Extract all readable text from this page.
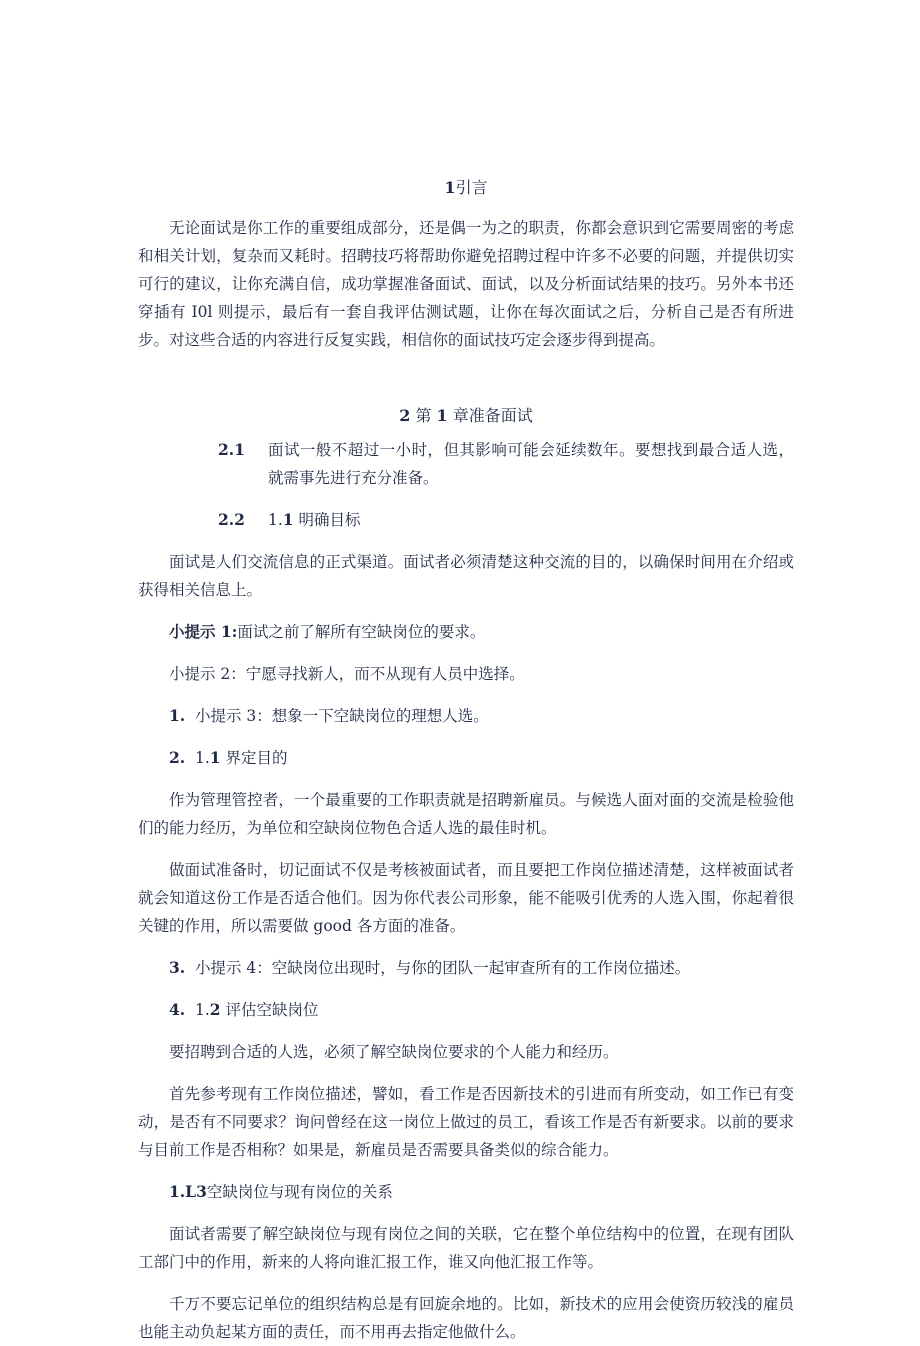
1引言

无论面试是你工作的重要组成部分，还是偶一为之的职责，你都会意识到它需要周密的考虑和相关计划，复杂而又耗时。招聘技巧将帮助你避免招聘过程中许多不必要的问题，并提供切实可行的建议，让你充满自信，成功掌握准备面试、面试，以及分析面试结果的技巧。另外本书还穿插有 I0l 则提示，最后有一套自我评估测试题，让你在每次面试之后，分析自己是否有所进步。对这些合适的内容进行反复实践，相信你的面试技巧定会逐步得到提高。

2 第 1 章准备面试

2.1	面试一般不超过一小时，但其影响可能会延续数年。要想找到最合适人选，就需事先进行充分准备。
2.2	1.1 明确目标

面试是人们交流信息的正式渠道。面试者必须清楚这种交流的目的，以确保时间用在介绍或获得相关信息上。

小提示 1:面试之前了解所有空缺岗位的要求。

小提示 2：宁愿寻找新人，而不从现有人员中选择。

1. 小提示 3：想象一下空缺岗位的理想人选。
2. 1.1 界定目的

作为管理管控者，一个最重要的工作职责就是招聘新雇员。与候选人面对面的交流是检验他们的能力经历，为单位和空缺岗位物色合适人选的最佳时机。

做面试准备时，切记面试不仅是考核被面试者，而且要把工作岗位描述清楚，这样被面试者就会知道这份工作是否适合他们。因为你代表公司形象，能不能吸引优秀的人选入围，你起着很关键的作用，所以需要做 good 各方面的准备。

3. 小提示 4：空缺岗位出现时，与你的团队一起审查所有的工作岗位描述。
4. 1.2 评估空缺岗位

要招聘到合适的人选，必须了解空缺岗位要求的个人能力和经历。

首先参考现有工作岗位描述，譬如，看工作是否因新技术的引进而有所变动，如工作已有变动，是否有不同要求？询问曾经在这一岗位上做过的员工，看该工作是否有新要求。以前的要求与目前工作是否相称？如果是，新雇员是否需要具备类似的综合能力。

1.L3空缺岗位与现有岗位的关系

面试者需要了解空缺岗位与现有岗位之间的关联，它在整个单位结构中的位置，在现有团队工部门中的作用，新来的人将向谁汇报工作，谁又向他汇报工作等。

千万不要忘记单位的组织结构总是有回旋余地的。比如，新技术的应用会使资历较浅的雇员也能主动负起某方面的责任，而不用再去指定他做什么。
